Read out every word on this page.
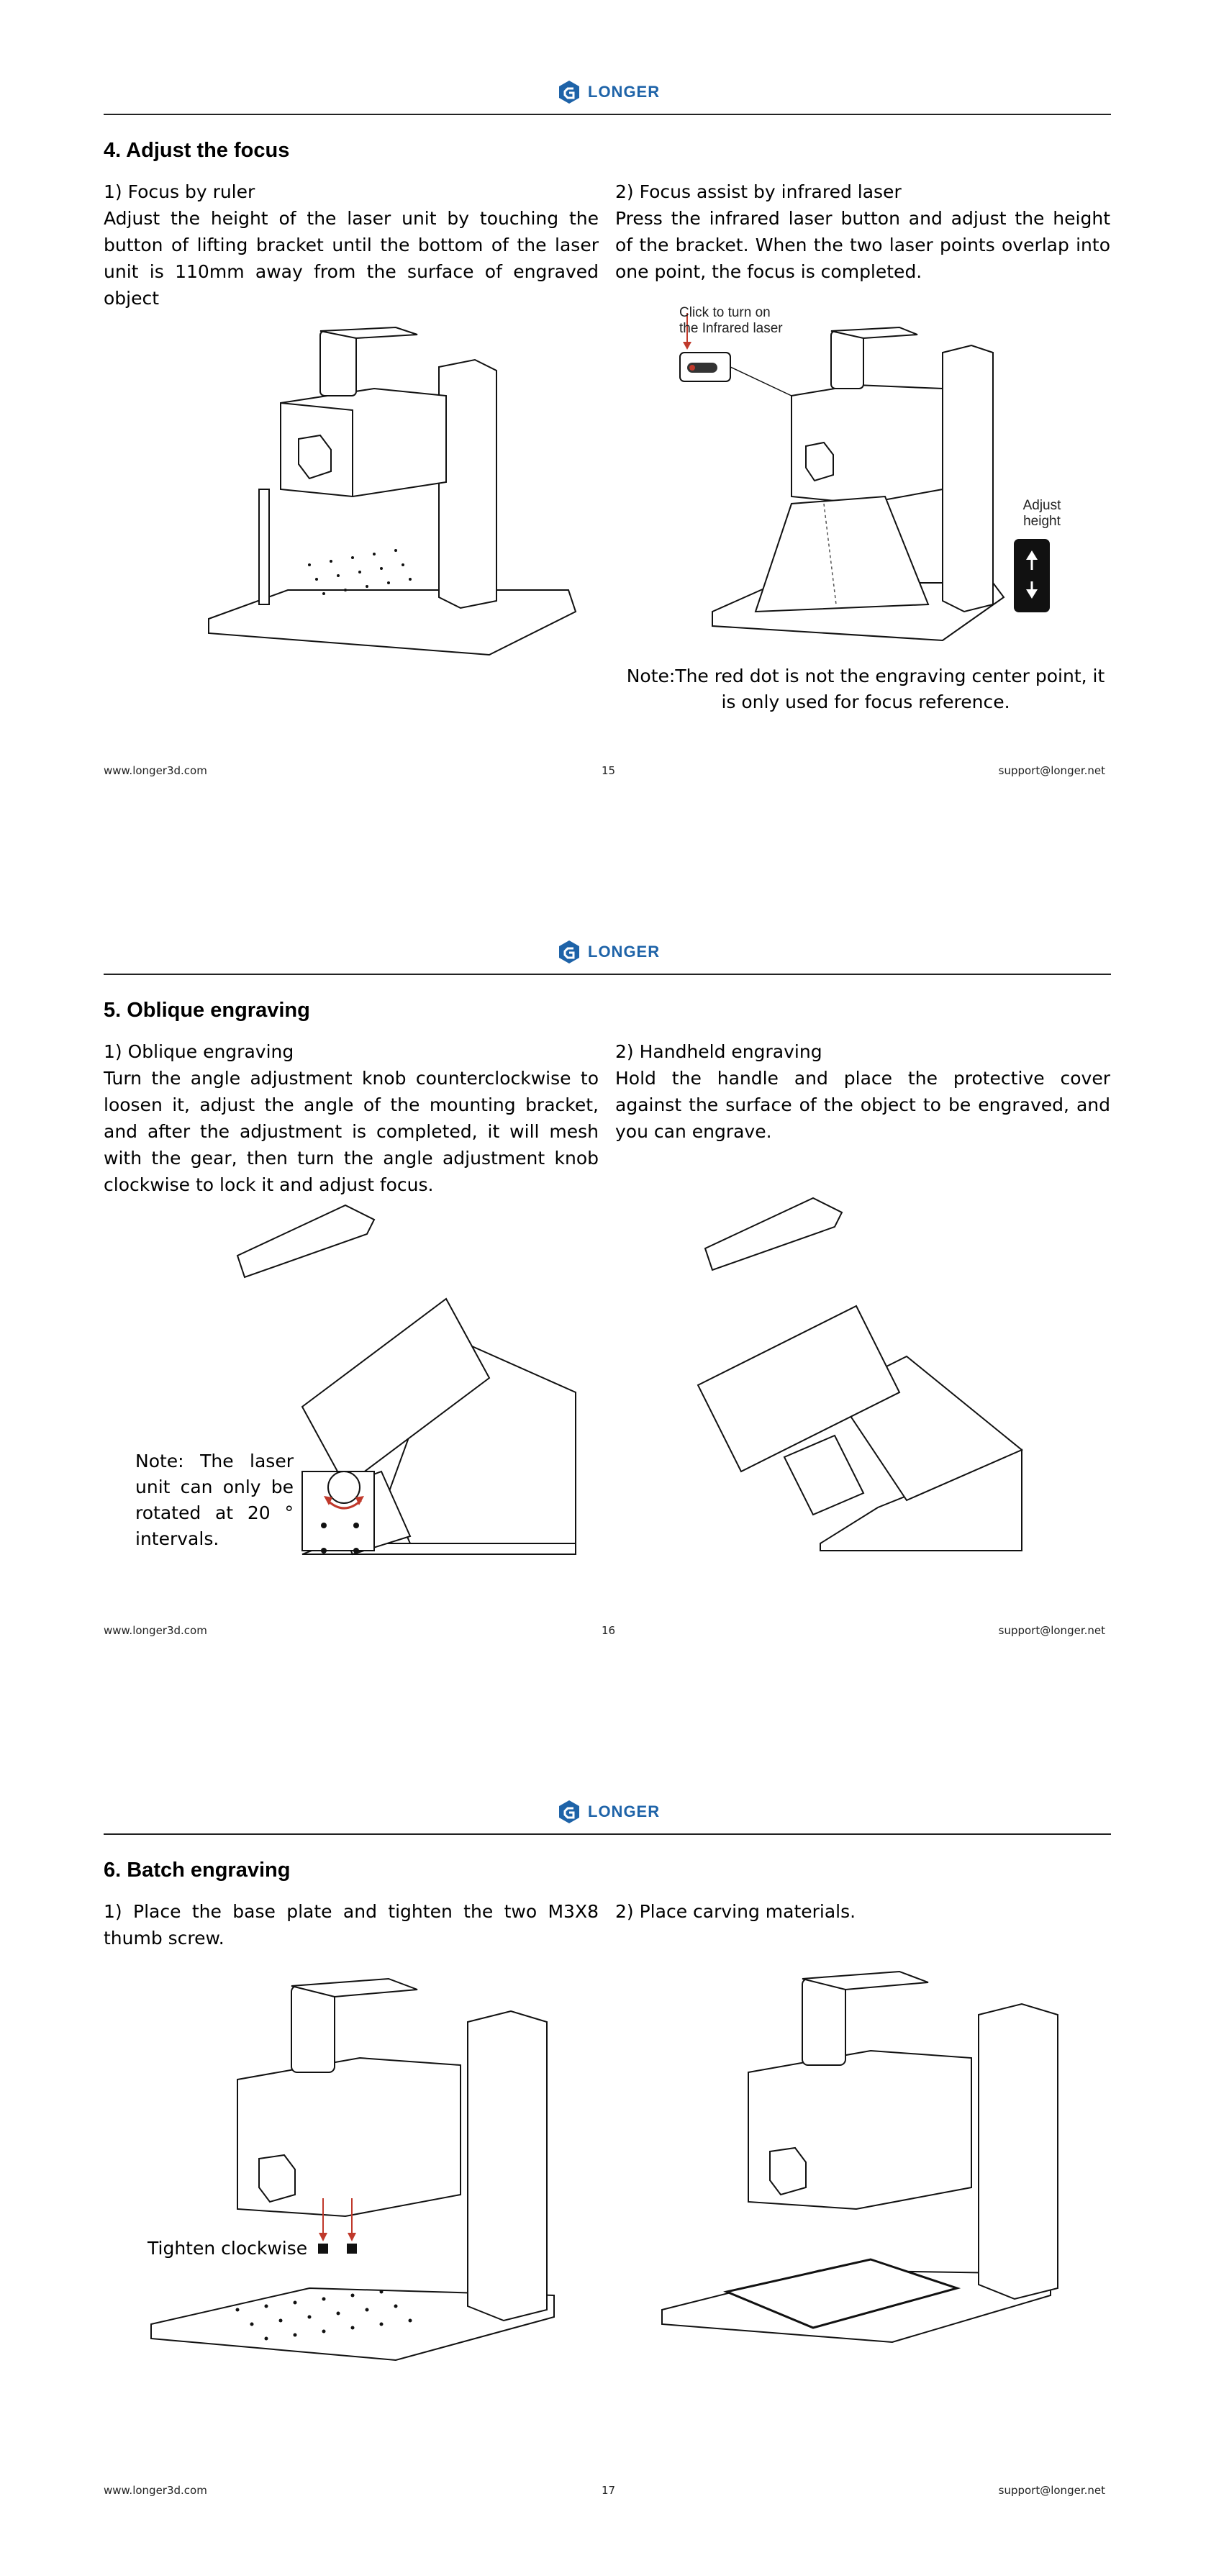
LONGER
4. Adjust the focus
1) Focus by ruler
Adjust the height of the laser unit by touching the button of lifting bracket until the bottom of the laser unit is 110mm away from the surface of engraved object
2) Focus assist by infrared laser
Press the infrared laser button and adjust the height of the bracket. When the two laser points overlap into one point, the focus is completed.
Click to turn on the Infrared laser
Adjust height
Note:The red dot is not the engraving center point, it is only used for focus reference.
www.longer3d.com	15	support@longer.net
LONGER
5. Oblique engraving
1) Oblique engraving
Turn the angle adjustment knob counterclockwise to loosen it, adjust the angle of the mounting bracket, and after the adjustment is completed, it will mesh with the gear, then turn the angle adjustment knob clockwise to lock it and adjust focus.
2) Handheld engraving
Hold the handle and place the protective cover against the surface of the object to be engraved, and you can engrave.
Note: The laser unit can only be rotated at 20 ° intervals.
www.longer3d.com	16	support@longer.net
LONGER
6. Batch engraving
1) Place the base plate and tighten the two M3X8 thumb screw.
2) Place carving materials.
Tighten clockwise
www.longer3d.com	17	support@longer.net
